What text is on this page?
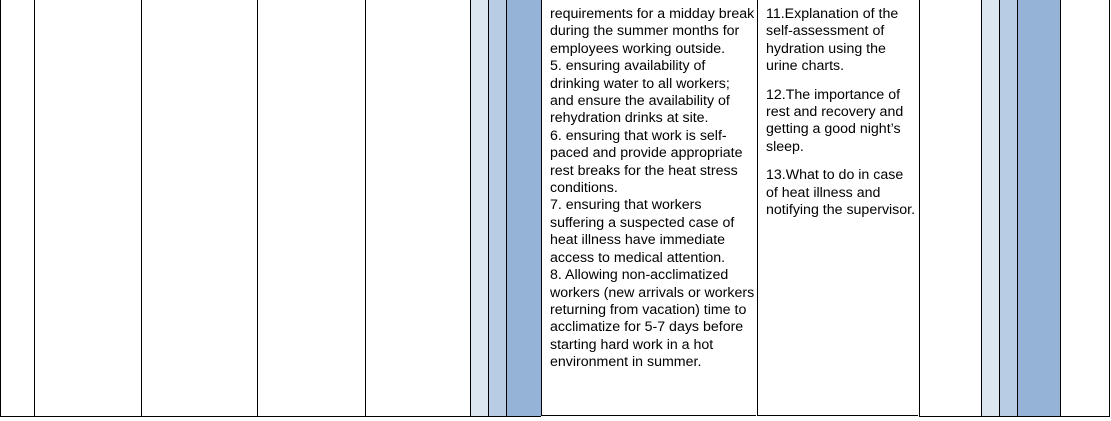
requirements for a midday break during the summer months for employees working outside.

5. ensuring availability of drinking water to all workers; and ensure the availability of rehydration drinks at site.

6. ensuring that work is self-paced and provide appropriate rest breaks for the heat stress conditions.

7. ensuring that workers suffering a suspected case of heat illness have immediate access to medical attention.

8. Allowing non-acclimatized workers (new arrivals or workers returning from vacation) time to acclimatize for 5-7 days before starting hard work in a hot environment in summer.

11.Explanation of the self-assessment of hydration using the urine charts.

12.The importance of rest and recovery and getting a good night’s sleep.

13.What to do in case of heat illness and notifying the supervisor.
